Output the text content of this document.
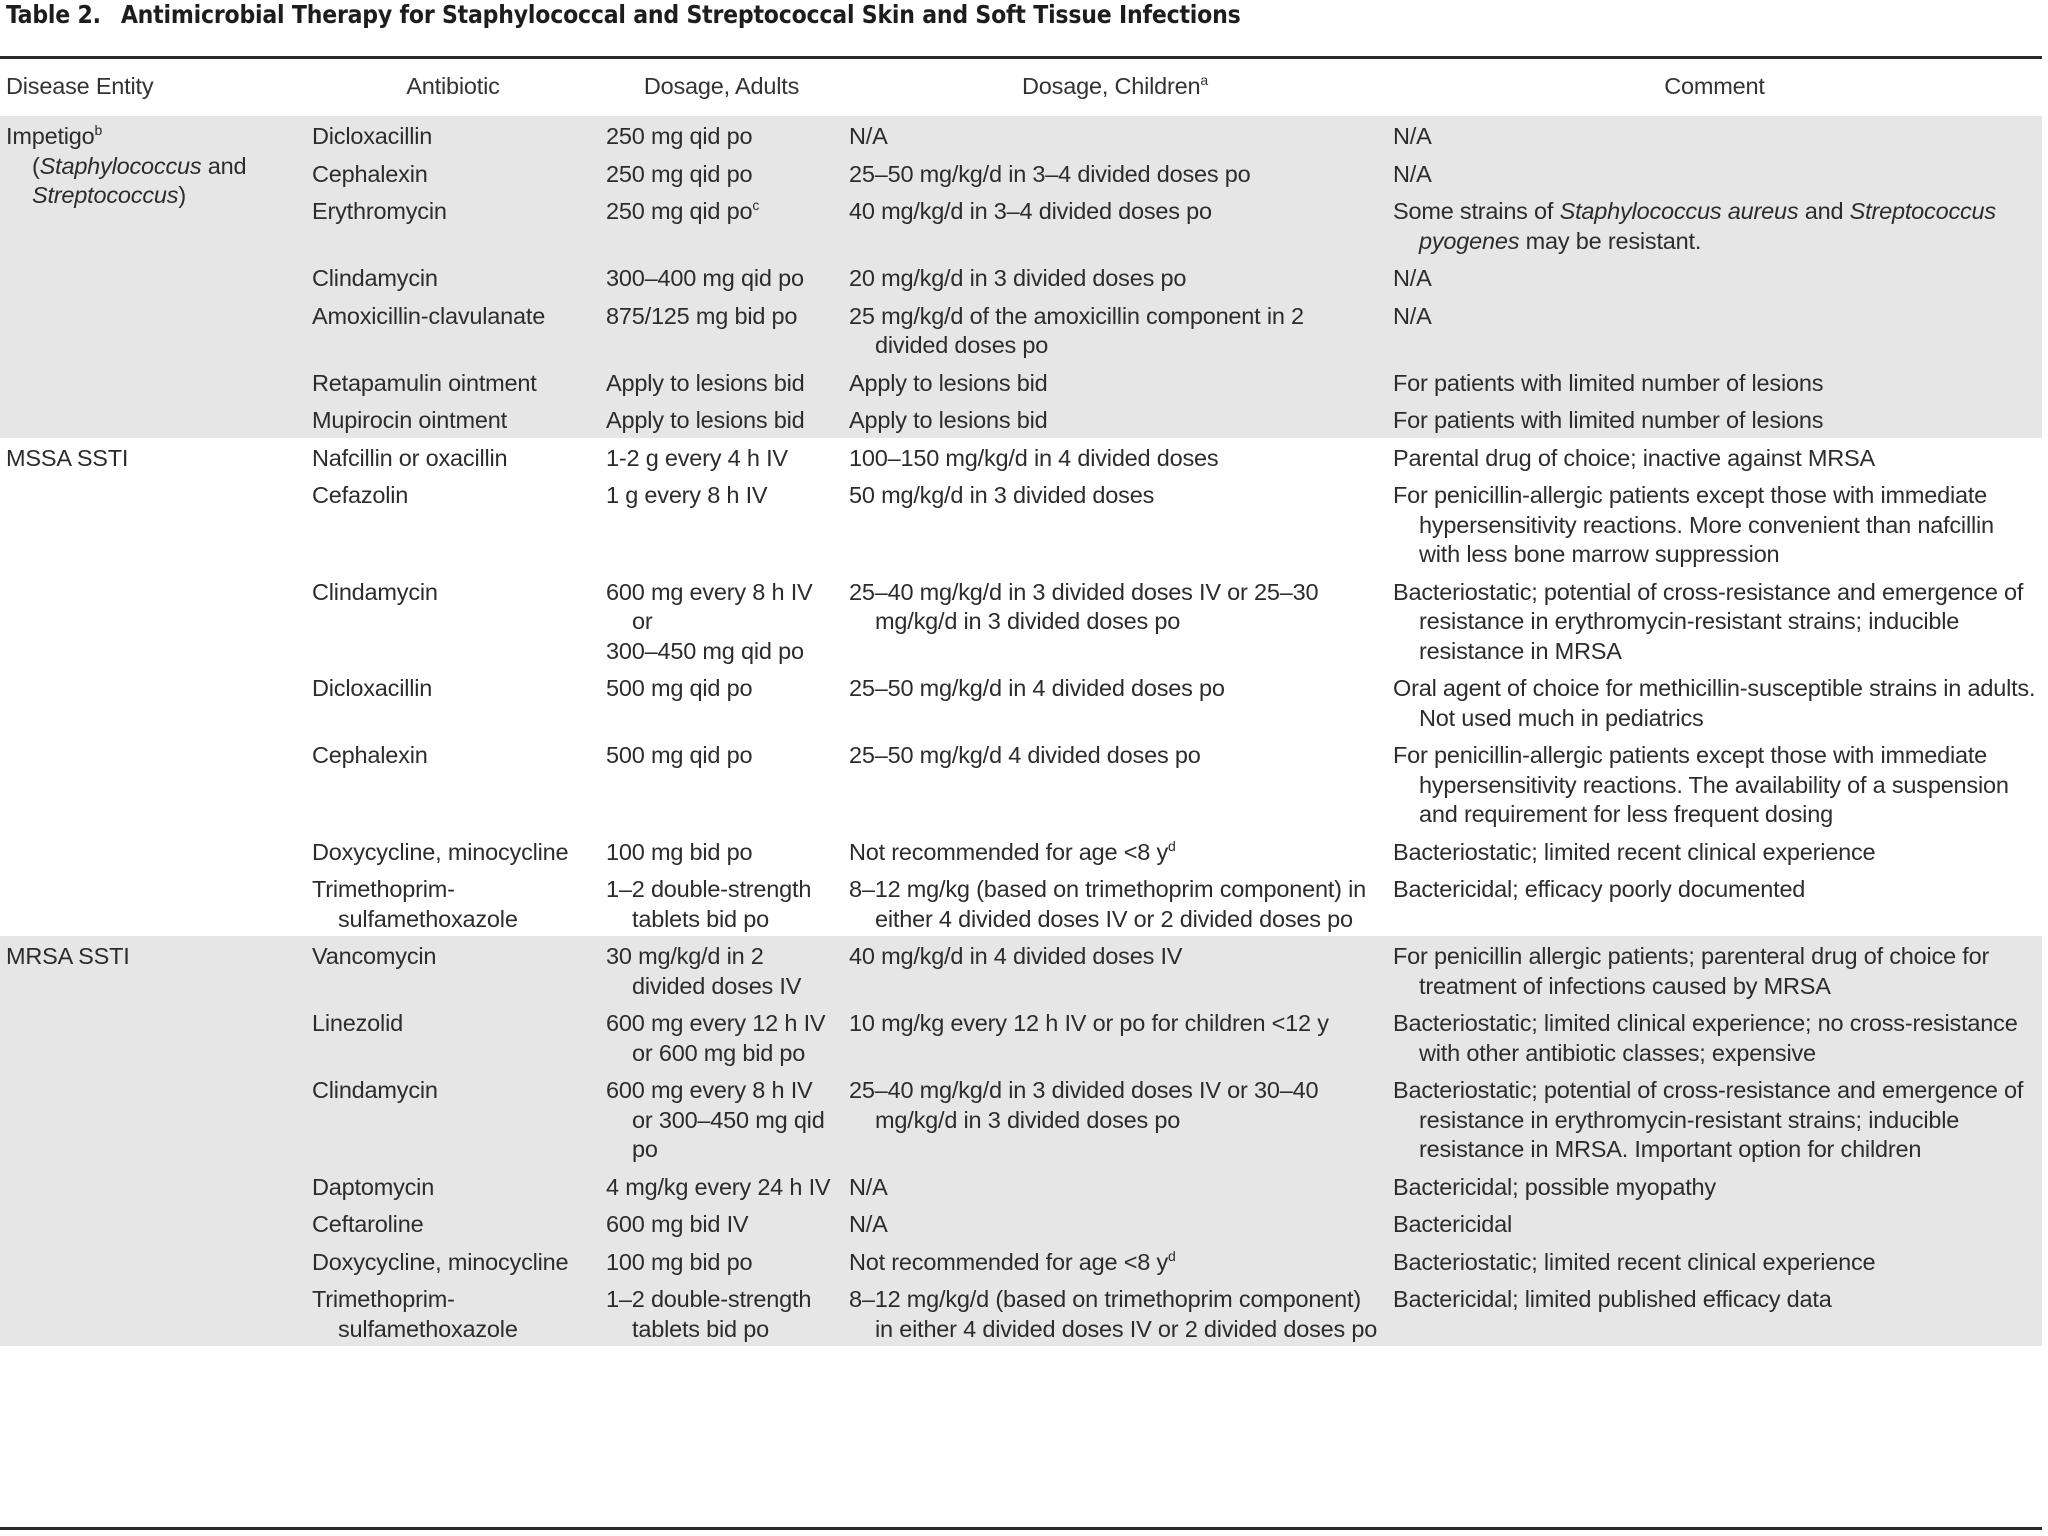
Table 2. Antimicrobial Therapy for Staphylococcal and Streptococcal Skin and Soft Tissue Infections
Disease Entity	Antibiotic	Dosage, Adults	Dosage, Children$^a$	Comment
Impetigo$^b$
(Staphylococcus and Streptococcus)	Dicloxacillin	250 mg qid po	N/A	N/A

	Cephalexin	250 mg qid po	25–50 mg/kg/d in 3–4 divided doses po	N/A

	Erythromycin	250 mg qid $po^c$	40 mg/kg/d in 3–4 divided doses po	Some strains of Staphylococcus aureus and Streptococcus pyogenes may be resistant.

	Clindamycin	300–400 mg qid po	20 mg/kg/d in 3 divided doses po	N/A

	Amoxicillin-clavulanate	875/125 mg bid po	25 mg/kg/d of the amoxicillin component in 2 divided doses po	N/A

	Retapamulin ointment	Apply to lesions bid	Apply to lesions bid	For patients with limited number of lesions

	Mupirocin ointment	Apply to lesions bid	Apply to lesions bid	For patients with limited number of lesions

MSSA SSTI	Nafcillin or oxacillin	1-2 g every 4 h IV	100–150 mg/kg/d in 4 divided doses	Parental drug of choice; inactive against MRSA

	Cefazolin	1 g every 8 h IV	50 mg/kg/d in 3 divided doses	For penicillin-allergic patients except those with immediate hypersensitivity reactions. More convenient than nafcillin with less bone marrow suppression

	Clindamycin	600 mg every 8 h IV or
300–450 mg qid po	25–40 mg/kg/d in 3 divided doses IV or 25–30 mg/kg/d in 3 divided doses po	Bacteriostatic; potential of cross-resistance and emergence of resistance in erythromycin-resistant strains; inducible resistance in MRSA

	Dicloxacillin	500 mg qid po	25–50 mg/kg/d in 4 divided doses po	Oral agent of choice for methicillin-susceptible strains in adults. Not used much in pediatrics

	Cephalexin	500 mg qid po	25–50 mg/kg/d 4 divided doses po	For penicillin-allergic patients except those with immediate hypersensitivity reactions. The availability of a suspension and requirement for less frequent dosing

	Doxycycline, minocycline	100 mg bid po	Not recommended for age <8 $y^d$	Bacteriostatic; limited recent clinical experience

	Trimethoprim-sulfamethoxazole	1–2 double-strength tablets bid po	8–12 mg/kg (based on trimethoprim component) in either 4 divided doses IV or 2 divided doses po	Bactericidal; efficacy poorly documented

MRSA SSTI	Vancomycin	30 mg/kg/d in 2 divided doses IV	40 mg/kg/d in 4 divided doses IV	For penicillin allergic patients; parenteral drug of choice for treatment of infections caused by MRSA

	Linezolid	600 mg every 12 h IV or 600 mg bid po	10 mg/kg every 12 h IV or po for children <12 y	Bacteriostatic; limited clinical experience; no cross-resistance with other antibiotic classes; expensive

	Clindamycin	600 mg every 8 h IV or 300–450 mg qid po	25–40 mg/kg/d in 3 divided doses IV or 30–40 mg/kg/d in 3 divided doses po	Bacteriostatic; potential of cross-resistance and emergence of resistance in erythromycin-resistant strains; inducible resistance in MRSA. Important option for children

	Daptomycin	4 mg/kg every 24 h IV	N/A	Bactericidal; possible myopathy

	Ceftaroline	600 mg bid IV	N/A	Bactericidal

	Doxycycline, minocycline	100 mg bid po	Not recommended for age <8 $y^d$	Bacteriostatic; limited recent clinical experience

	Trimethoprim-sulfamethoxazole	1–2 double-strength tablets bid po	8–12 mg/kg/d (based on trimethoprim component) in either 4 divided doses IV or 2 divided doses po	Bactericidal; limited published efficacy data
